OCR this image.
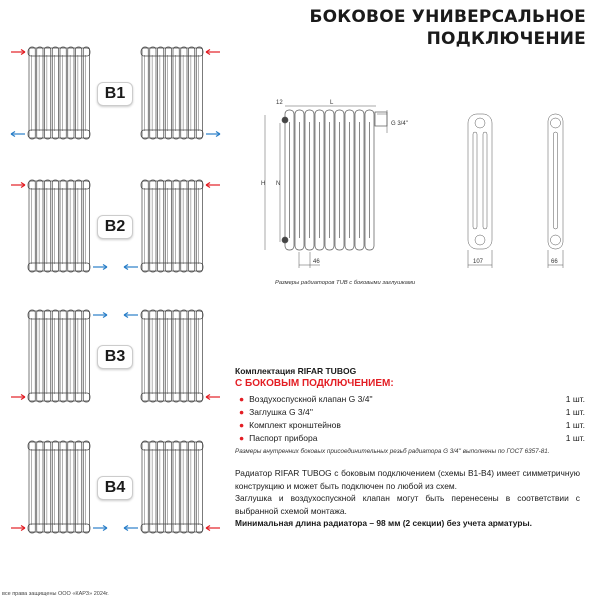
БОКОВОЕ УНИВЕРСАЛЬНОЕ
ПОДКЛЮЧЕНИЕ
B1
B2
B3
B4
12	L
H N
46
G 3/4''
107	66
Размеры радиаторов TUB с боковыми заглушками
Комплектация RIFAR TUBOG
С БОКОВЫМ ПОДКЛЮЧЕНИЕМ:
● Воздухоспускной клапан G 3/4''	1 шт.
● Заглушка G 3/4''	1 шт.
● Комплект кронштейнов	1 шт.
● Паспорт прибора	1 шт.
Размеры внутренних боковых присоединительных резьб радиатора G 3/4'' выполнены по ГОСТ 6357-81.
Радиатор RIFAR TUBOG с боковым подключением (схемы B1-B4) имеет симметричную конструкцию и может быть подключен по любой из схем.
Заглушка и воздухоспускной клапан могут быть перенесены в соответствии с выбранной схемой монтажа.
Минимальная длина радиатора – 98 мм (2 секции) без учета арматуры.
все права защищены ООО «КАРЗ» 2024г.
